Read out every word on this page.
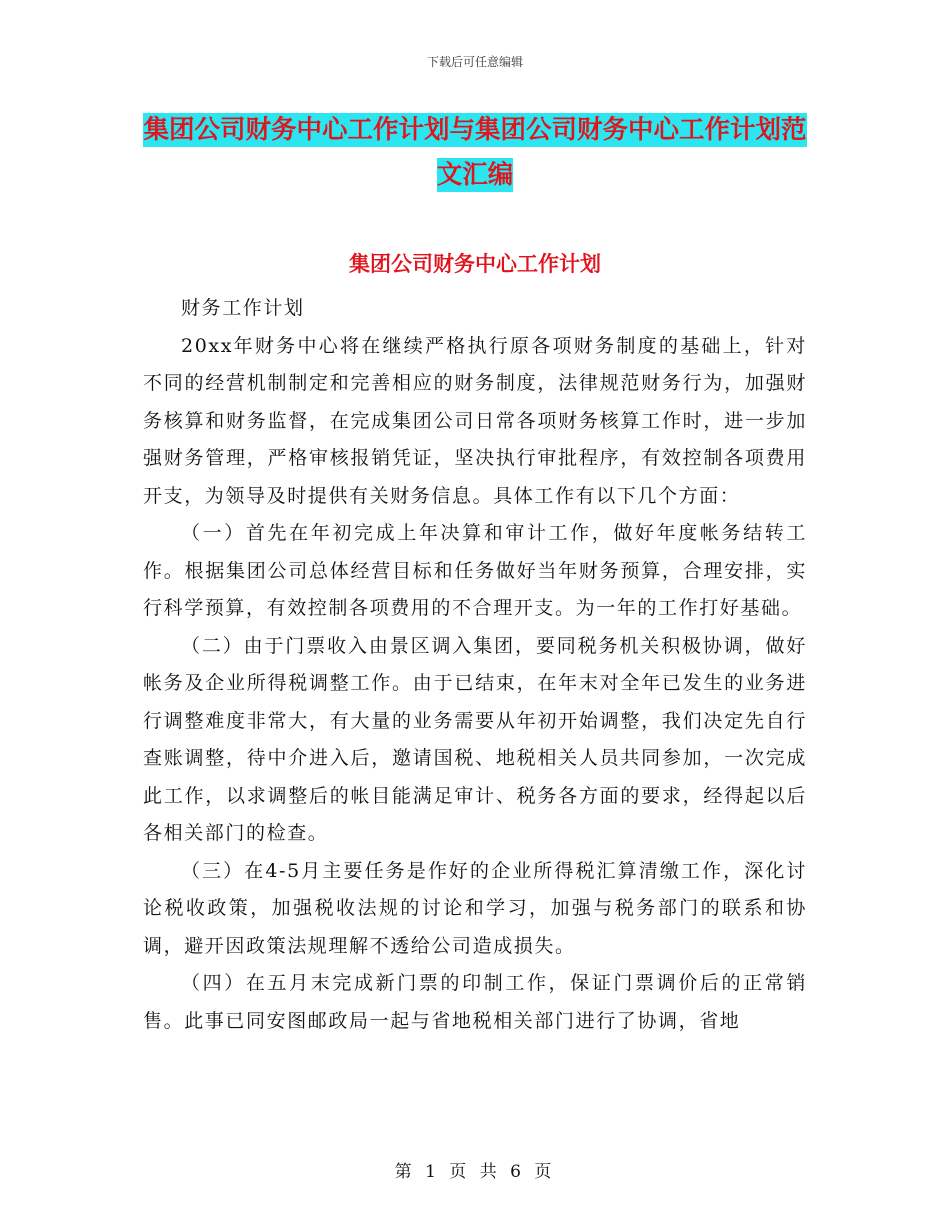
下载后可任意编辑
集团公司财务中心工作计划与集团公司财务中心工作计划范文汇编
集团公司财务中心工作计划

财务工作计划

20xx年财务中心将在继续严格执行原各项财务制度的基础上，针对不同的经营机制制定和完善相应的财务制度，法律规范财务行为，加强财务核算和财务监督，在完成集团公司日常各项财务核算工作时，进一步加强财务管理，严格审核报销凭证，坚决执行审批程序，有效控制各项费用开支，为领导及时提供有关财务信息。具体工作有以下几个方面：

（一）首先在年初完成上年决算和审计工作，做好年度帐务结转工作。根据集团公司总体经营目标和任务做好当年财务预算，合理安排，实行科学预算，有效控制各项费用的不合理开支。为一年的工作打好基础。

（二）由于门票收入由景区调入集团，要同税务机关积极协调，做好帐务及企业所得税调整工作。由于已结束，在年末对全年已发生的业务进行调整难度非常大，有大量的业务需要从年初开始调整，我们决定先自行查账调整，待中介进入后，邀请国税、地税相关人员共同参加，一次完成此工作，以求调整后的帐目能满足审计、税务各方面的要求，经得起以后各相关部门的检查。

（三）在4-5月主要任务是作好的企业所得税汇算清缴工作，深化讨论税收政策，加强税收法规的讨论和学习，加强与税务部门的联系和协调，避开因政策法规理解不透给公司造成损失。

（四）在五月末完成新门票的印制工作，保证门票调价后的正常销售。此事已同安图邮政局一起与省地税相关部门进行了协调，省地

第 1 页 共 6 页
